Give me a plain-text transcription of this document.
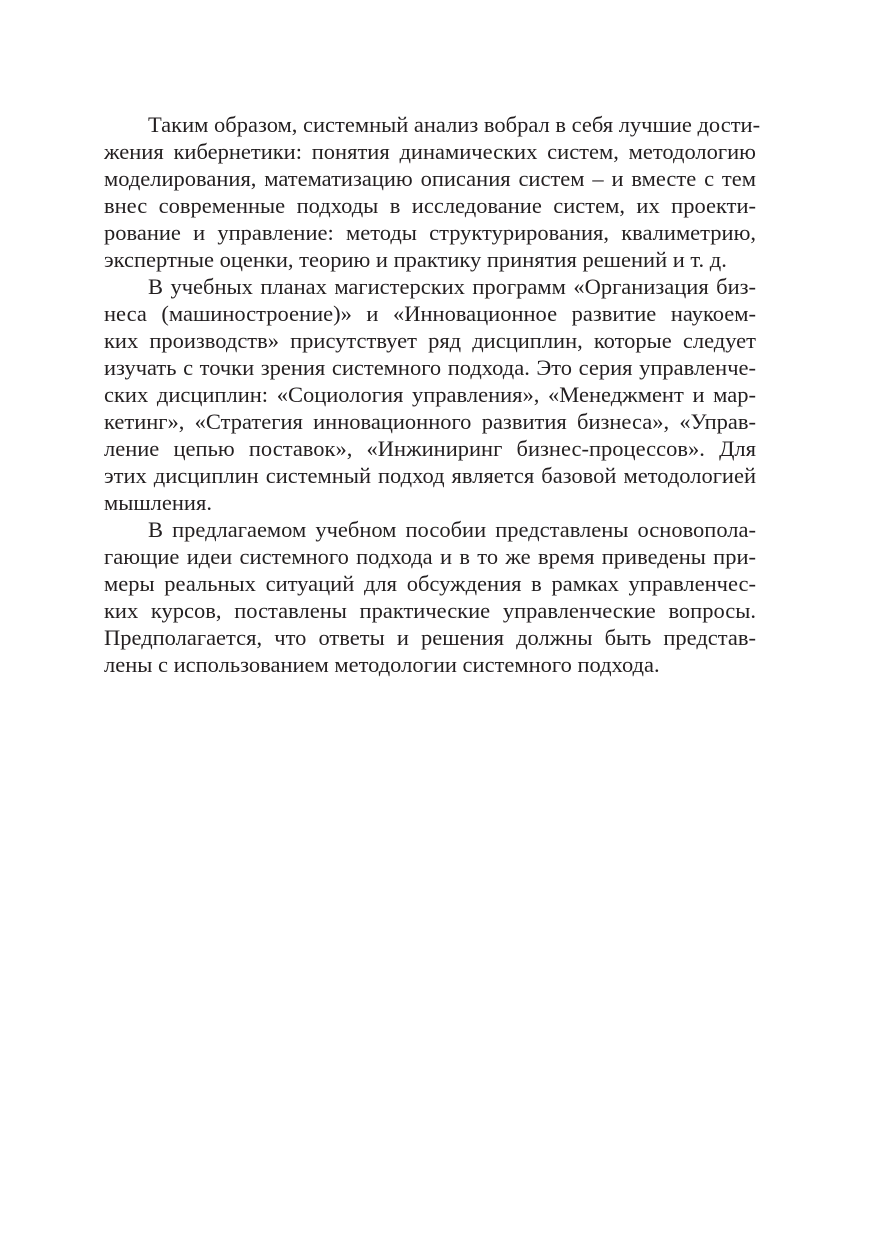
Таким образом, системный анализ вобрал в себя лучшие дости-
жения кибернетики: понятия динамических систем, методологию
моделирования, математизацию описания систем – и вместе с тем
внес современные подходы в исследование систем, их проекти-
рование и управление: методы структурирования, квалиметрию,
экспертные оценки, теорию и практику принятия решений и т. д.
В учебных планах магистерских программ «Организация биз-
неса (машиностроение)» и «Инновационное развитие наукоем-
ких производств» присутствует ряд дисциплин, которые следует
изучать с точки зрения системного подхода. Это серия управленче-
ских дисциплин: «Социология управления», «Менеджмент и мар-
кетинг», «Стратегия инновационного развития бизнеса», «Управ-
ление цепью поставок», «Инжиниринг бизнес-процессов». Для
этих дисциплин системный подход является базовой методологией
мышления.
В предлагаемом учебном пособии представлены основопола-
гающие идеи системного подхода и в то же время приведены при-
меры реальных ситуаций для обсуждения в рамках управленчес-
ких курсов, поставлены практические управленческие вопросы.
Предполагается, что ответы и решения должны быть представ-
лены с использованием методологии системного подхода.
